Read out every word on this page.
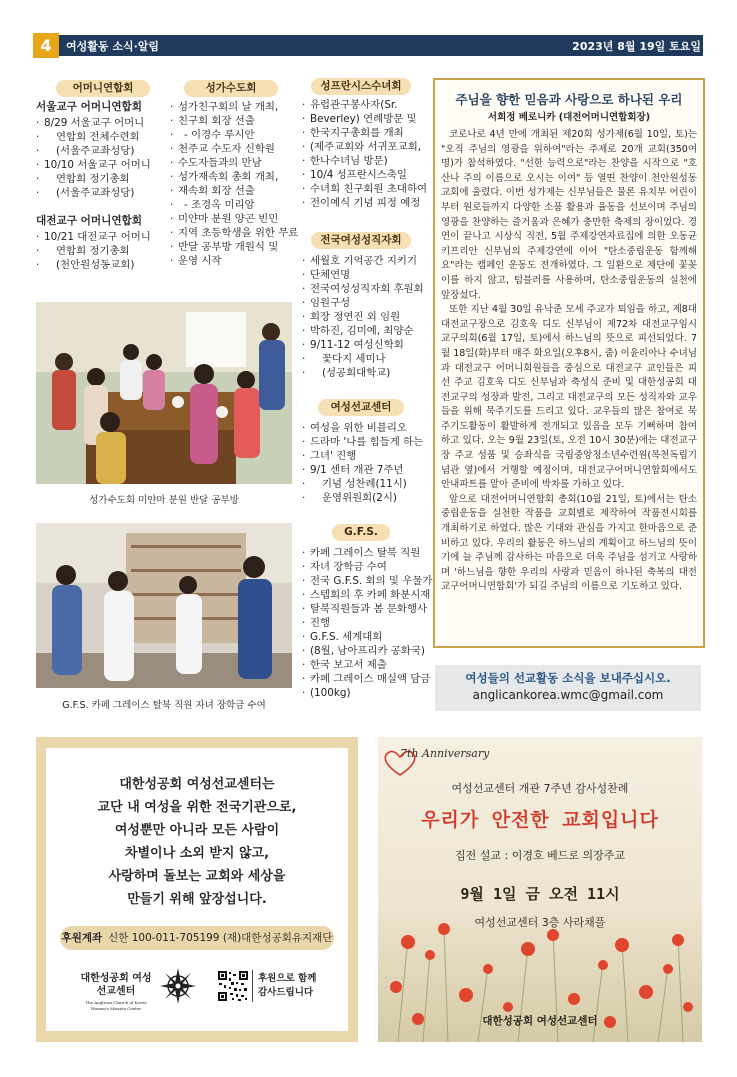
4	여성활동 소식·알림	2023년 8월 19일 토요일
어머니연합회
서울교구 어머니연합회
· 8/29 서울교구 어머니
· 연합회 전체수련회
· (서울주교좌성당)
· 10/10 서울교구 어머니
· 연합회 정기총회
· (서울주교좌성당)
대전교구 어머니연합회
· 10/21 대전교구 어머니
· 연합회 정기총회
· (천안원성동교회)
성가수도회
· 성가친구회의 날 개최,
· 친구회 회장 선출
· - 이경수 루시안
· 천주교 수도자 신학원
· 수도자들과의 만남
· 성가재속회 총회 개최,
· 재속회 회장 선출
· - 조경옥 미리암
· 미얀마 분원 양곤 빈민
· 지역 초등학생을 위한 무료
· 반달 공부방 개원식 및
· 운영 시작
성프란시스수녀회
· 유럽관구봉사자(Sr.
· Beverley) 연례방문 및
· 한국지구총회를 개최
· (제주교회와 서귀포교회,
· 한나수녀님 방문)
· 10/4 성프란시스축일
· 수녀회 친구회원 초대하여
· 전이예식 기념 피정 예정
전국여성성직자회
· 세월호 기억공간 지키기
· 단체연명
· 전국여성성직자회 후원회
· 임원구성
· 회장 정연진 외 임원
· 박하진, 김미예, 최양순
· 9/11-12 여성신학회
· 꽃다지 세미나
· (성공회대학교)
여성선교센터
· 여성을 위한 비블리오
· 드라마 '나를 힘들게 하는
· 그녀' 진행
· 9/1 센터 개관 7주년
· 기념 성찬례(11시)
· 운영위원회(2시)
G.F.S.
· 카페 그레이스 탈북 직원
· 자녀 장학금 수여
· 전국 G.F.S. 회의 및 우물가
· 스텝회의 후 카페 화분시재
· 탈북직원들과 봄 문화행사
· 진행
· G.F.S. 세계대회
· (8월, 남아프리카 공화국)
· 한국 보고서 제출
· 카페 그레이스 매실액 담금
· (100kg)
성가수도회 미얀마 분원 반달 공부방
G.F.S. 카페 그레이스 탈북 직원 자녀 장학금 수여
주님을 향한 믿음과 사랑으로 하나된 우리
서희정 베로니카 (대전어머니연합회장)

코로나로 4년 만에 개최된 제20회 성가제(6월 10일, 토)는 "오직 주님의 영광을 위하여"라는 주제로 20개 교회(350여명)가 참석하였다. "선한 능력으로"라는 찬양을 시작으로 "호산나 주의 이름으로 오시는 이여" 등 열띤 찬양이 천안원성동교회에 울렸다. 이번 성가제는 신부님들은 물론 유치부 어린이부터 원로들까지 다양한 소품 활용과 율동을 선보이며 주님의 영광을 찬양하는 즐거움과 은혜가 충만한 축제의 장이었다. 경연이 끝나고 시상식 직전, 5월 주제강연자료집에 의한 오동균 키프리안 신부님의 주제강연에 이어 "탄소중립운동 함께해요"라는 캠페인 운동도 전개하였다. 그 일환으로 제단에 꽃꽂이를 하지 않고, 텀블러를 사용하며, 탄소중립운동의 실천에 앞장섰다.

또한 지난 4월 30일 유낙준 모세 주교가 퇴임을 하고, 제8대 대전교구장으로 김호욱 디도 신부님이 제72차 대전교구임시교구의회(6월 17일, 토)에서 하느님의 뜻으로 피선되었다. 7월 18일(화)부터 매주 화요일(오후8시, 줌) 이윤리아나 수녀님과 대전교구 어머니회원들을 중심으로 대전교구 교인들은 피선 주교 김호욱 디도 신부님과 축성식 준비 및 대한성공회 대전교구의 성장과 발전, 그리고 대전교구의 모든 성직자와 교우들을 위해 묵주기도를 드리고 있다. 교우들의 많은 참여로 묵주기도활동이 활발하게 전개되고 있음을 모두 기뻐하며 참여하고 있다. 오는 9월 23일(토, 오전 10시 30분)에는 대전교구장 주교 성품 및 승좌식을 국립중앙청소년수련원(목천독립기념관 옆)에서 거행할 예정이며, 대전교구어머니연합회에서도 안내파트를 맡아 준비에 박차를 가하고 있다.

앞으로 대전어머니연합회 총회(10월 21일, 토)에서는 탄소중립운동을 실천한 작품을 교회별로 제작하여 작품전시회를 개최하기로 하였다. 많은 기대와 관심을 가지고 한마음으로 준비하고 있다. 우리의 활동은 하느님의 계획이고 하느님의 뜻이기에 늘 주님께 감사하는 마음으로 더욱 주님을 섬기고 사랑하며 '하느님을 향한 우리의 사랑과 믿음이 하나된 축복의 대전교구어머니연합회'가 되길 주님의 이름으로 기도하고 있다.

여성들의 선교활동 소식을 보내주십시오.
anglicankorea.wmc@gmail.com
대한성공회 여성선교센터는
교단 내 여성을 위한 전국기관으로,
여성뿐만 아니라 모든 사람이
차별이나 소외 받지 않고,
사랑하며 돌보는 교회와 세상을
만들기 위해 앞장섭니다.
후원계좌 신한 100-011-705199 (재)대한성공회유지재단
대한성공회 여성선교센터
The Anglican Church of Korea Women's Mission Center
후원으로 함께 감사드립니다
7th Anniversary
여성선교센터 개관 7주년 감사성찬례
우리가 안전한 교회입니다
집전 설교 : 이경호 베드로 의장주교
9월 1일 금 오전 11시
여성선교센터 3층 사라채플
대한성공회 여성선교센터
